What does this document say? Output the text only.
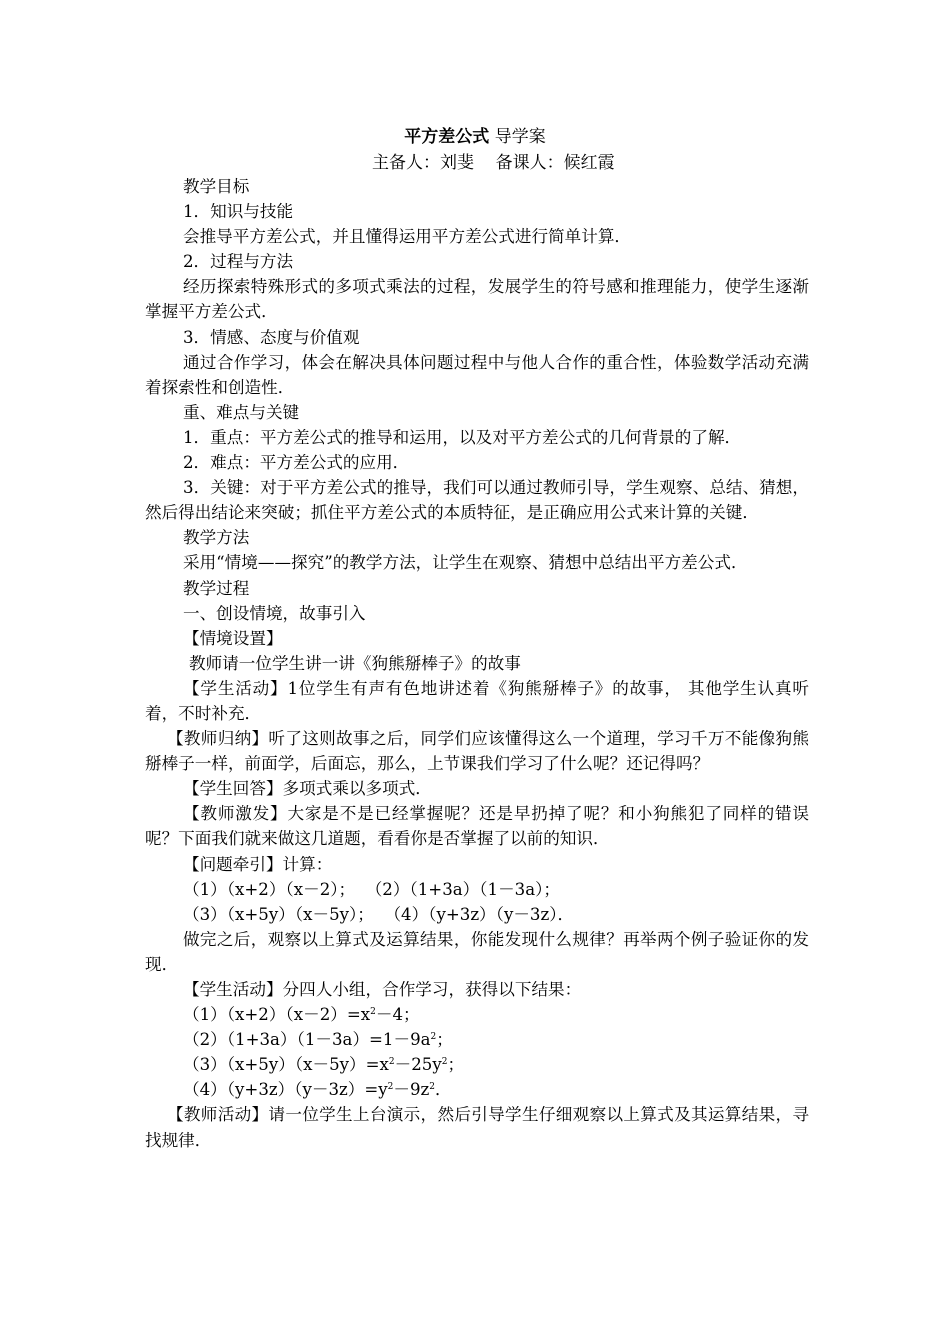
平方差公式 导学案
主备人：刘斐    备课人：候红霞

教学目标

1．知识与技能

会推导平方差公式，并且懂得运用平方差公式进行简单计算．

2．过程与方法

经历探索特殊形式的多项式乘法的过程，发展学生的符号感和推理能力，使学生逐渐掌握平方差公式．

3．情感、态度与价值观

通过合作学习，体会在解决具体问题过程中与他人合作的重合性，体验数学活动充满着探索性和创造性．

重、难点与关键

1．重点：平方差公式的推导和运用，以及对平方差公式的几何背景的了解．

2．难点：平方差公式的应用．

3．关键：对于平方差公式的推导，我们可以通过教师引导，学生观察、总结、猜想，然后得出结论来突破；抓住平方差公式的本质特征，是正确应用公式来计算的关键．

教学方法

采用“情境——探究”的教学方法，让学生在观察、猜想中总结出平方差公式．

教学过程

一、创设情境，故事引入

【情境设置】

教师请一位学生讲一讲《狗熊掰棒子》的故事

【学生活动】1位学生有声有色地讲述着《狗熊掰棒子》的故事， 其他学生认真听着，不时补充．

【教师归纳】听了这则故事之后，同学们应该懂得这么一个道理，学习千万不能像狗熊掰棒子一样，前面学，后面忘，那么，上节课我们学习了什么呢？还记得吗？

【学生回答】多项式乘以多项式．

【教师激发】大家是不是已经掌握呢？还是早扔掉了呢？和小狗熊犯了同样的错误呢？下面我们就来做这几道题，看看你是否掌握了以前的知识．

【问题牵引】计算：

（1）（x+2）（x－2）；  （2）（1+3a）（1－3a）；

（3）（x+5y）（x－5y）；  （4）（y+3z）（y－3z）．

做完之后，观察以上算式及运算结果，你能发现什么规律？再举两个例子验证你的发现．

【学生活动】分四人小组，合作学习，获得以下结果：

$(1)(x+2)(x-2)=x^2-4$；

$(2)(1+3a)(1-3a)=1-9a^2$；

$(3)(x+5y)(x-5y)=x^2-25y^2$；

$(4)(y+3z)(y-3z)=y^2-9z^2$．

【教师活动】请一位学生上台演示，然后引导学生仔细观察以上算式及其运算结果，寻找规律．
